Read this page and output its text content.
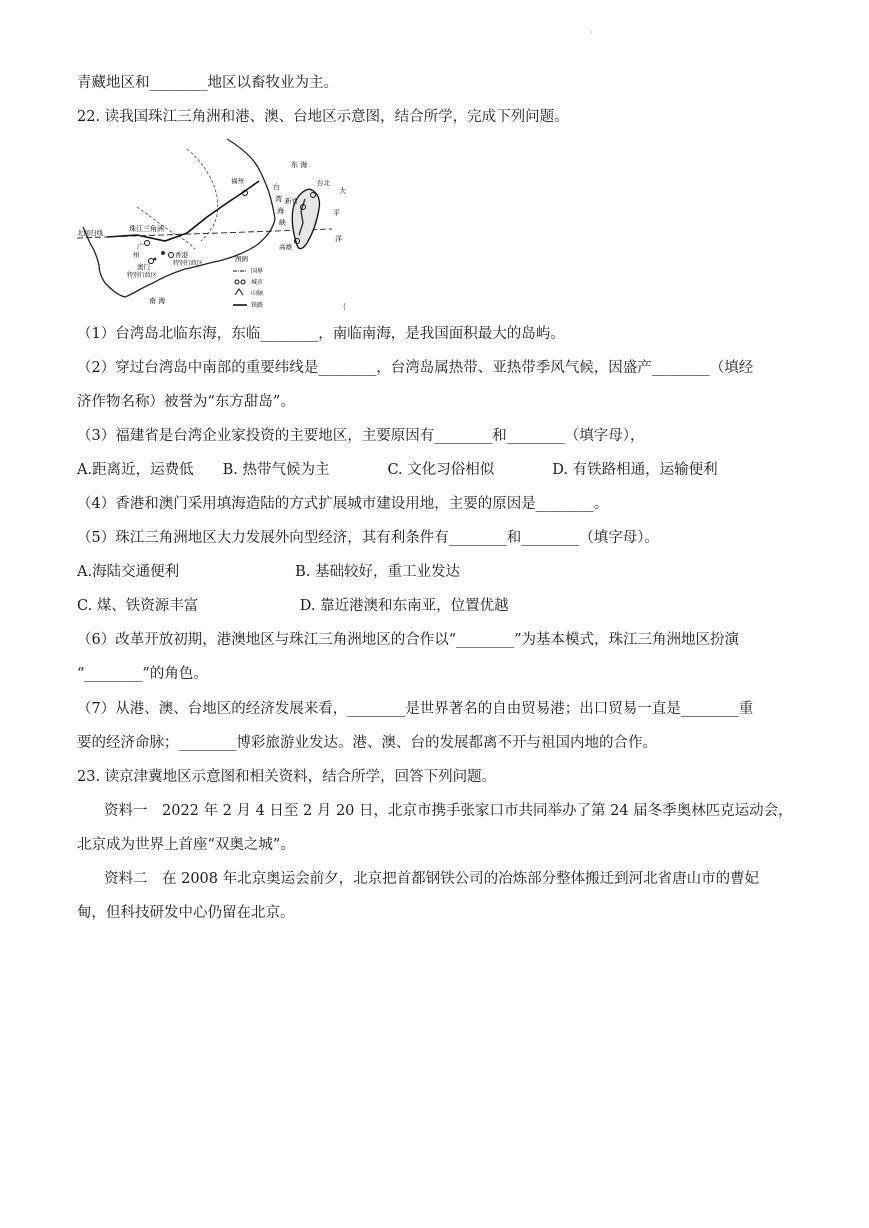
·
青藏地区和________地区以畜牧业为主。
22. 读我国珠江三角洲和港、澳、台地区示意图，结合所学，完成下列问题。
东 海
福州
台
湾
海
峡
台北
大
平
洋
新竹
高雄
珠江三角洲
北回归线
广
州	香港
特别行政区
澳门
特别行政区
南 海
图例
国界
城市
山脉
铁路	(
（1）台湾岛北临东海，东临________，南临南海，是我国面积最大的岛屿。
（2）穿过台湾岛中南部的重要纬线是________，台湾岛属热带、亚热带季风气候，因盛产________（填经
济作物名称）被誉为“东方甜岛”。
（3）福建省是台湾企业家投资的主要地区，主要原因有________和________（填字母），
A.距离近，运费低　　B. 热带气候为主　　　　C. 文化习俗相似　　　　D. 有铁路相通，运输便利
（4）香港和澳门采用填海造陆的方式扩展城市建设用地，主要的原因是________。
（5）珠江三角洲地区大力发展外向型经济，其有利条件有________和________（填字母）。
A.海陆交通便利　　　　　　　　B. 基础较好，重工业发达
C. 煤、铁资源丰富　　　　　　　D. 靠近港澳和东南亚，位置优越
（6）改革开放初期，港澳地区与珠江三角洲地区的合作以“________”为基本模式，珠江三角洲地区扮演
“________”的角色。
（7）从港、澳、台地区的经济发展来看，________是世界著名的自由贸易港；出口贸易一直是________重
要的经济命脉；________博彩旅游业发达。港、澳、台的发展都离不开与祖国内地的合作。
23. 读京津冀地区示意图和相关资料，结合所学，回答下列问题。
资料一　2022 年 2 月 4 日至 2 月 20 日，北京市携手张家口市共同举办了第 24 届冬季奥林匹克运动会，
北京成为世界上首座“双奥之城”。
资料二　在 2008 年北京奥运会前夕，北京把首都钢铁公司的冶炼部分整体搬迁到河北省唐山市的曹妃
甸，但科技研发中心仍留在北京。
